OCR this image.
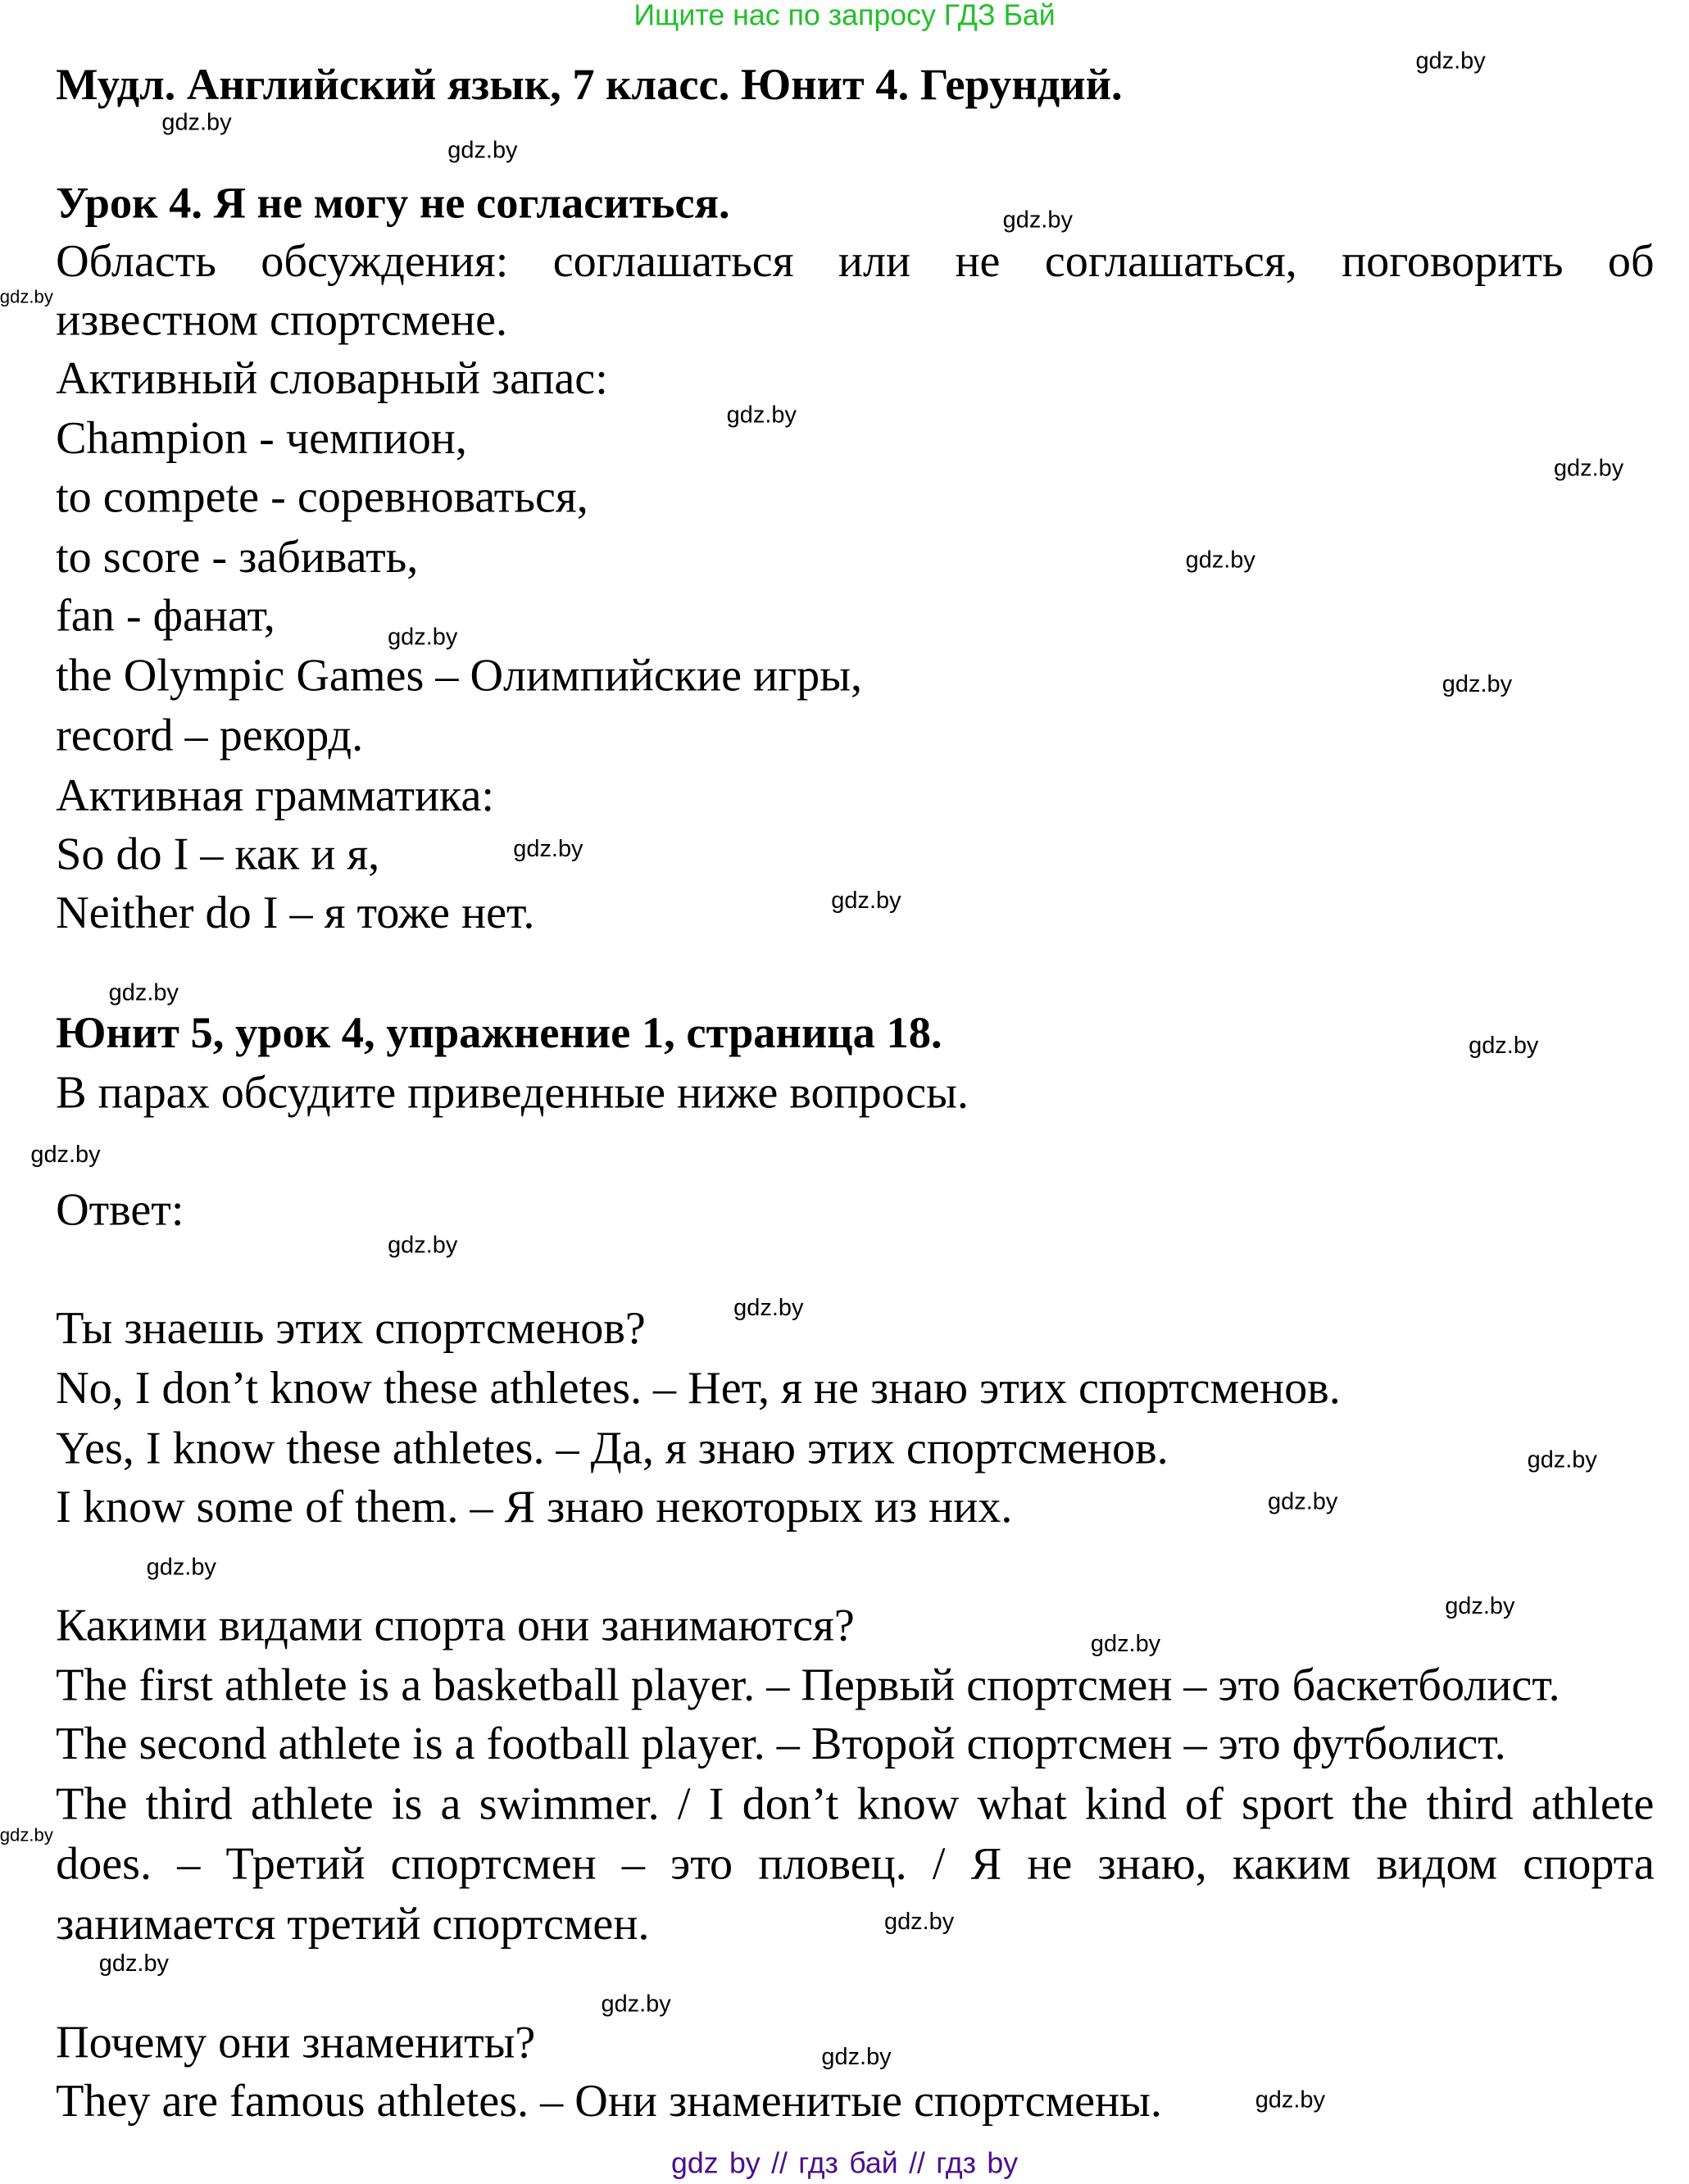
Ищите нас по запросу ГДЗ Бай
Мудл. Английский язык, 7 класс. Юнит 4. Герундий.
Урок 4. Я не могу не согласиться.
Область обсуждения: соглашаться или не соглашаться, поговорить об
известном спортсмене.
Активный словарный запас:
Champion - чемпион,
to compete - соревноваться,
to score - забивать,
fan - фанат,
the Olympic Games – Олимпийские игры,
record – рекорд.
Активная грамматика:
So do I – как и я,
Neither do I – я тоже нет.
Юнит 5, урок 4, упражнение 1, страница 18.
В парах обсудите приведенные ниже вопросы.
Ответ:
Ты знаешь этих спортсменов?
No, I don’t know these athletes. – Нет, я не знаю этих спортсменов.
Yes, I know these athletes. – Да, я знаю этих спортсменов.
I know some of them. – Я знаю некоторых из них.
Какими видами спорта они занимаются?
The first athlete is a basketball player. – Первый спортсмен – это баскетболист.
The second athlete is a football player. – Второй спортсмен – это футболист.
The third athlete is a swimmer. / I don’t know what kind of sport the third athlete
does. – Третий спортсмен – это пловец. / Я не знаю, каким видом спорта
занимается третий спортсмен.
Почему они знамениты?
They are famous athletes. – Они знаменитые спортсмены.
gdz.by
gdz.by
gdz.by
gdz.by
gdz.by
gdz.by
gdz.by
gdz.by
gdz.by
gdz.by
gdz.by
gdz.by
gdz.by
gdz.by
gdz.by
gdz.by
gdz.by
gdz.by
gdz.by
gdz.by
gdz.by
gdz.by
gdz.by
gdz.by
gdz.by
gdz.by
gdz.by
gdz.by
gdz by // гдз бай // гдз by
